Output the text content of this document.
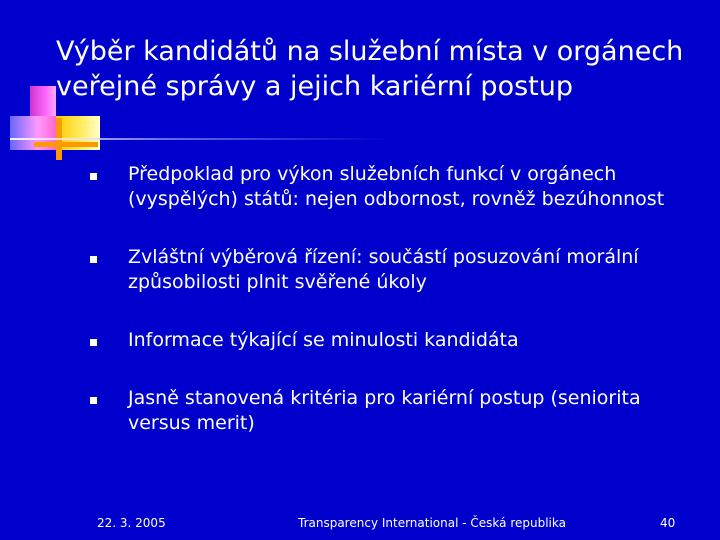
Výběr kandidátů na služební místa v orgánech veřejné správy a jejich kariérní postup
Předpoklad pro výkon služebních funkcí v orgánech (vyspělých) států: nejen odbornost, rovněž bezúhonnost
Zvláštní výběrová řízení: součástí posuzování morální způsobilosti plnit svěřené úkoly
Informace týkající se minulosti kandidáta
Jasně stanovená kritéria pro kariérní postup (seniorita versus merit)
22. 3. 2005	Transparency International - Česká republika	40
